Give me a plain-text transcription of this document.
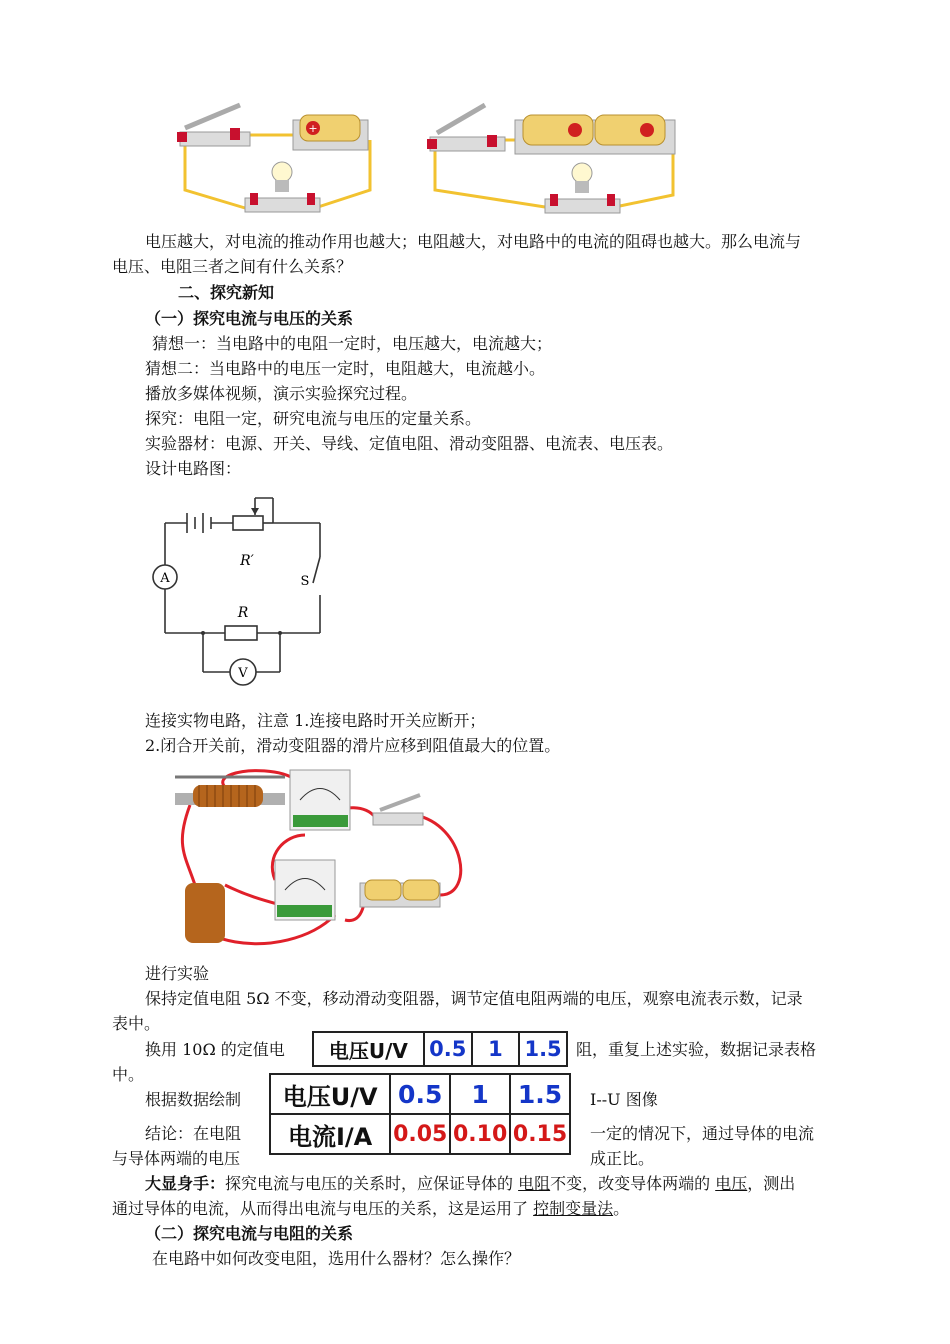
+
电压越大，对电流的推动作用也越大；电阻越大，对电路中的电流的阻碍也越大。那么电流与
电压、电阻三者之间有什么关系？
二、探究新知
（一）探究电流与电压的关系
猜想一：当电路中的电阻一定时，电压越大，电流越大；
猜想二：当电路中的电压一定时，电阻越大，电流越小。
播放多媒体视频，演示实验探究过程。
探究：电阻一定，研究电流与电压的定量关系。
实验器材：电源、开关、导线、定值电阻、滑动变阻器、电流表、电压表。
设计电路图：
A
R′
S
R
V
连接实物电路，注意 1.连接电路时开关应断开；
2.闭合开关前，滑动变阻器的滑片应移到阻值最大的位置。
进行实验
保持定值电阻 5Ω 不变，移动滑动变阻器，调节定值电阻两端的电压，观察电流表示数，记录
表中。
换用 10Ω 的定值电	阻，重复上述实验，数据记录表格
中。
电压U/V	0.5	1	1.5
根据数据绘制	I--U 图像
电压U/V	0.5	1	1.5
电流I/A	0.05	0.10	0.15
结论：在电阻	一定的情况下，通过导体的电流
与导体两端的电压	成正比。
大显身手：探究电流与电压的关系时，应保证导体的 电阻不变，改变导体两端的 电压，测出
通过导体的电流，从而得出电流与电压的关系，这是运用了 控制变量法。
（二）探究电流与电阻的关系
在电路中如何改变电阻，选用什么器材？怎么操作？
